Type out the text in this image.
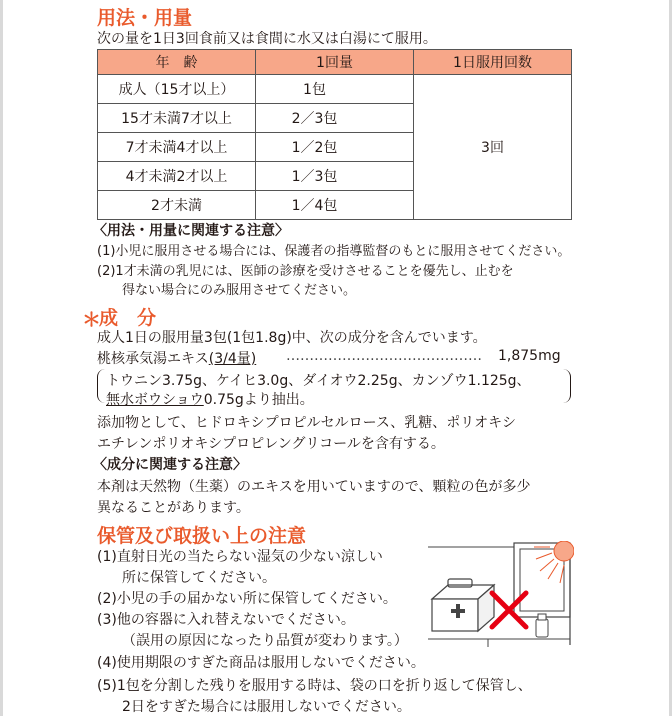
用法・用量
次の量を1日3回食前又は食間に水又は白湯にて服用。
年　齢	1回量	1日服用回数
成人（15才以上）	1包	3回
15才未満7才以上	2／3包	
7才未満4才以上	1／2包	
4才未満2才以上	1／3包	
2才未満	1／4包	
〈用法・用量に関連する注意〉
(1)小児に服用させる場合には、保護者の指導監督のもとに服用させてください。
(2)1才未満の乳児には、医師の診療を受けさせることを優先し、止むを
得ない場合にのみ服用させてください。
＊
成　分
成人1日の服用量3包(1包1.8g)中、次の成分を含んでいます。
桃核承気湯エキス(3/4量) ……………………………………	1,875mg
トウニン3.75g、ケイヒ3.0g、ダイオウ2.25g、カンゾウ1.125g、
無水ボウショウ0.75gより抽出。
添加物として、ヒドロキシプロピルセルロース、乳糖、ポリオキシ
エチレンポリオキシプロピレングリコールを含有する。
〈成分に関連する注意〉
本剤は天然物（生薬）のエキスを用いていますので、顆粒の色が多少
異なることがあります。
保管及び取扱い上の注意
(1)直射日光の当たらない湿気の少ない涼しい
所に保管してください。
(2)小児の手の届かない所に保管してください。
(3)他の容器に入れ替えないでください。
（誤用の原因になったり品質が変わります。）
(4)使用期限のすぎた商品は服用しないでください。
(5)1包を分割した残りを服用する時は、袋の口を折り返して保管し、
2日をすぎた場合には服用しないでください。
